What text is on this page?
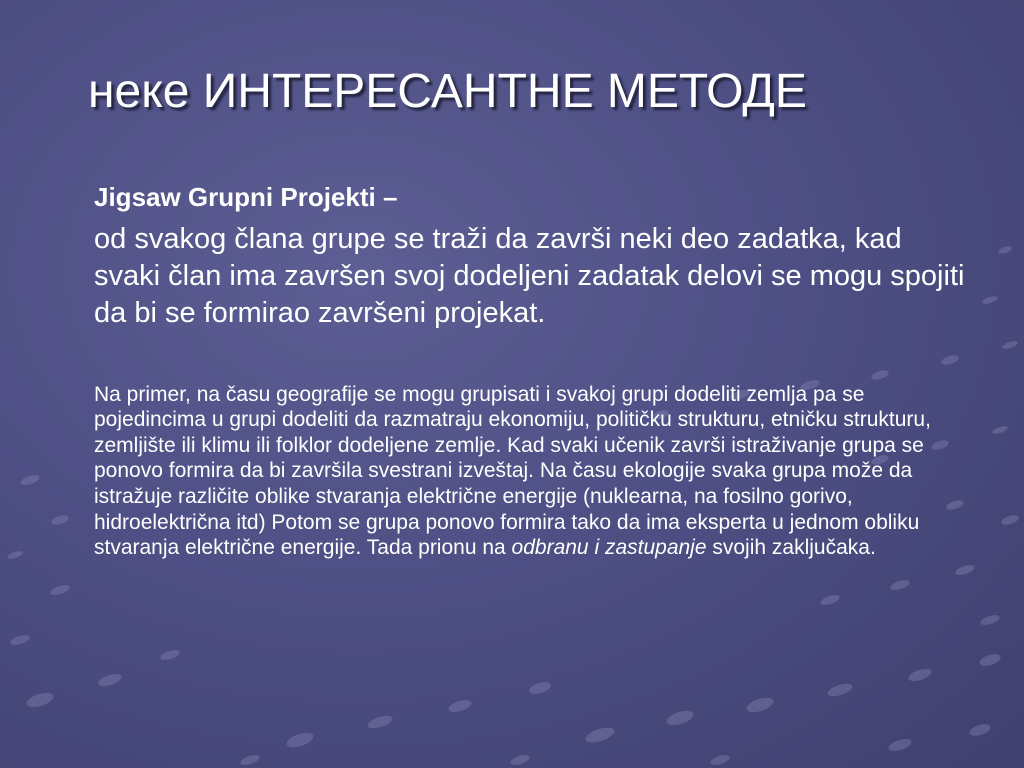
неке ИНТЕРЕСАНТНЕ МЕТОДЕ

Jigsaw Grupni Projekti –

od svakog člana grupe se traži da završi neki deo zadatka, kad svaki član ima završen svoj dodeljeni zadatak delovi se mogu spojiti da bi se formirao završeni projekat.

Na primer, na času geografije se mogu grupisati i svakoj grupi dodeliti zemlja pa se pojedincima u grupi dodeliti da razmatraju ekonomiju, političku strukturu, etničku strukturu, zemljište ili klimu ili folklor dodeljene zemlje. Kad svaki učenik završi istraživanje grupa se ponovo formira da bi završila svestrani izveštaj. Na času ekologije svaka grupa može da istražuje različite oblike stvaranja električne energije (nuklearna, na fosilno gorivo, hidroelektrična itd) Potom se grupa ponovo formira tako da ima eksperta u jednom obliku stvaranja električne energije. Tada prionu na odbranu i zastupanje svojih zaključaka.
